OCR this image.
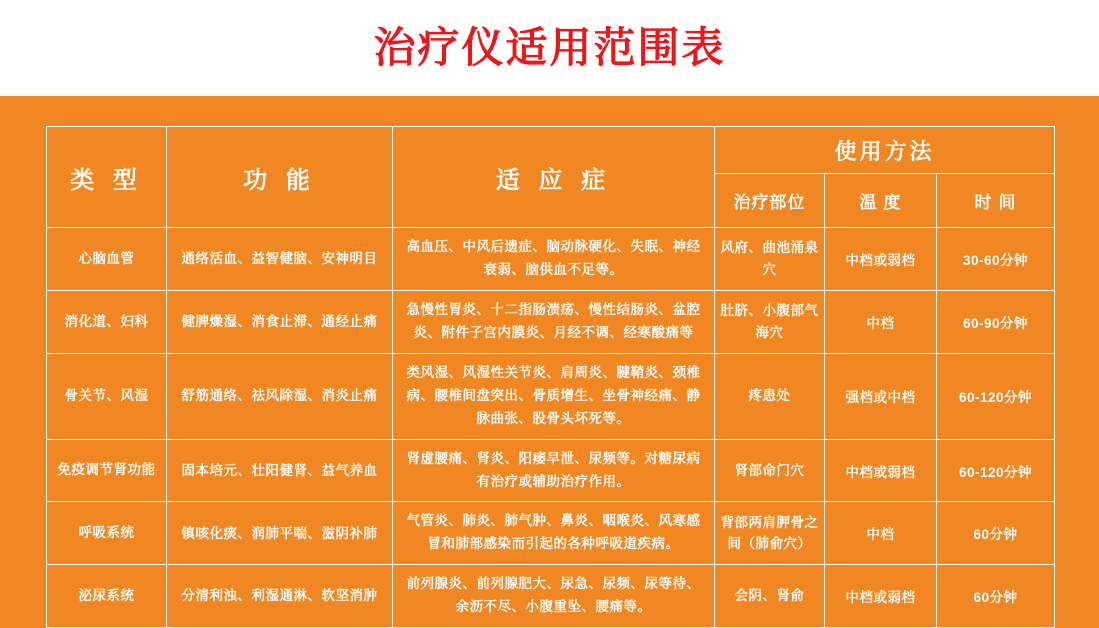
治疗仪适用范围表
类 型	功 能	适 应 症	使用方法		
			治疗部位	温 度	时 间
心脑血管	通络活血、益智健脑、安神明目	高血压、中风后遗症、脑动脉硬化、失眠、神经衰弱、脑供血不足等。	风府、曲池涌泉穴	中档或弱档	30-60分钟
消化道、妇科	健脾燥湿、消食止滞、通经止痛	急慢性胃炎、十二指肠溃疡、慢性结肠炎、盆腔炎、附件子宫内膜炎、月经不调、经寒酸痛等	肚脐、小腹部气海穴	中档	60-90分钟
骨关节、风湿	舒筋通络、祛风除湿、消炎止痛	类风湿、风湿性关节炎、肩周炎、腱鞘炎、颈椎病、腰椎间盘突出、骨质增生、坐骨神经痛、静脉曲张、股骨头坏死等。	疼患处	强档或中档	60-120分钟
免疫调节肾功能	固本培元、壮阳健肾、益气养血	肾虚腰痛、肾炎、阳痿早泄、尿频等。对糖尿病有治疗或辅助治疗作用。	肾部命门穴	中档或弱档	60-120分钟
呼吸系统	镇咳化痰、润肺平喘、滋阴补肺	气管炎、肺炎、肺气肿、鼻炎、咽喉炎、风寒感冒和肺部感染而引起的各种呼吸道疾病。	背部两肩胛骨之间（肺俞穴）	中档	60分钟
泌尿系统	分清利浊、利湿通淋、软坚消肿	前列腺炎、前列腺肥大、尿急、尿频、尿等待、余沥不尽、小腹重坠、腰痛等。	会阴、肾俞	中档或弱档	60分钟
